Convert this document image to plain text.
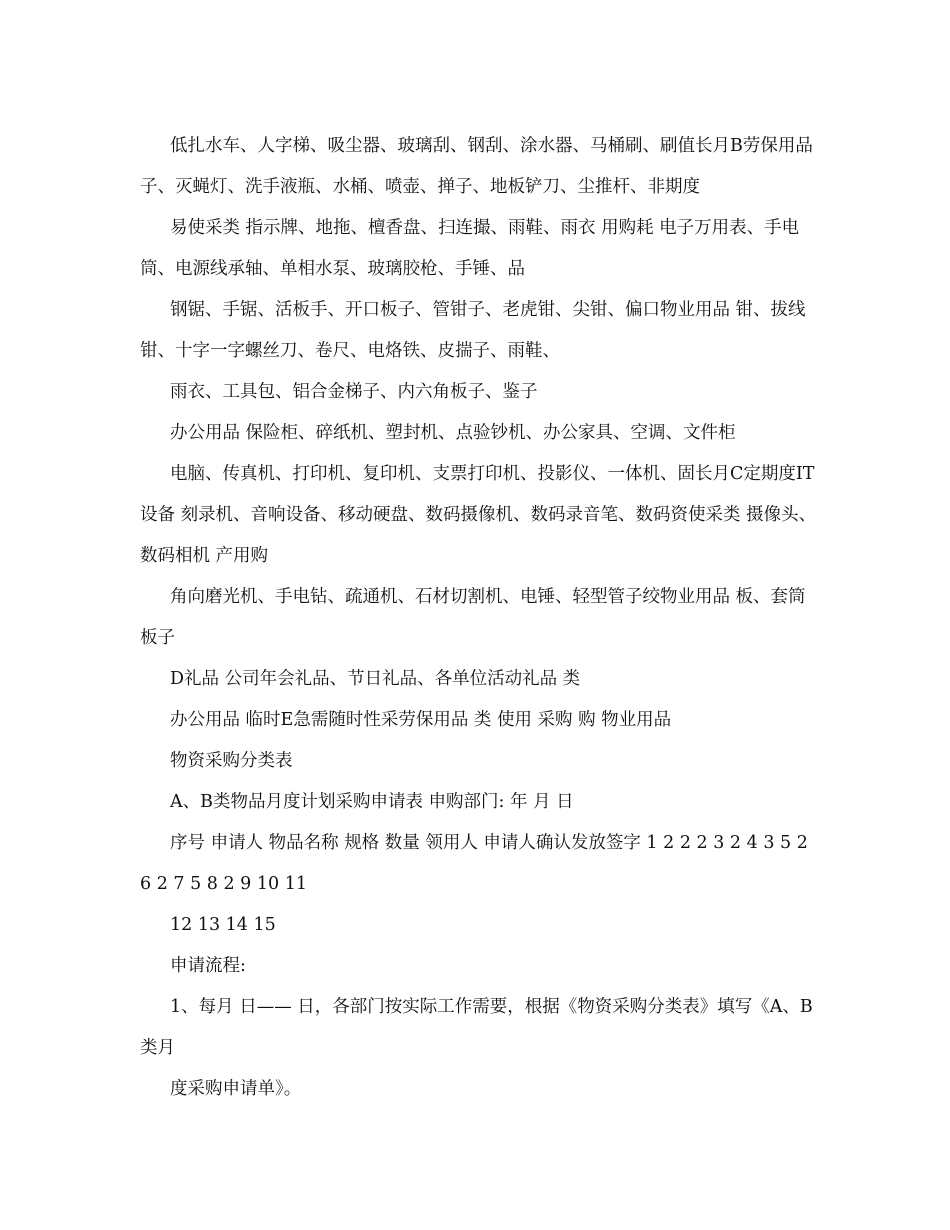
低扎水车、人字梯、吸尘器、玻璃刮、钢刮、涂水器、马桶刷、刷值长月B劳保用品 子、灭蝇灯、洗手液瓶、水桶、喷壶、掸子、地板铲刀、尘推杆、非期度

易使采类 指示牌、地拖、檀香盘、扫连撮、雨鞋、雨衣 用购耗 电子万用表、手电筒、电源线承轴、单相水泵、玻璃胶枪、手锤、品

钢锯、手锯、活板手、开口板子、管钳子、老虎钳、尖钳、偏口物业用品 钳、拔线钳、十字一字螺丝刀、卷尺、电烙铁、皮揣子、雨鞋、

雨衣、工具包、铝合金梯子、内六角板子、鉴子

办公用品 保险柜、碎纸机、塑封机、点验钞机、办公家具、空调、文件柜

电脑、传真机、打印机、复印机、支票打印机、投影仪、一体机、固长月C定期度IT设备 刻录机、音响设备、移动硬盘、数码摄像机、数码录音笔、数码资使采类 摄像头、数码相机 产用购

角向磨光机、手电钻、疏通机、石材切割机、电锤、轻型管子绞物业用品 板、套筒板子

D礼品 公司年会礼品、节日礼品、各单位活动礼品 类

办公用品 临时E急需随时性采劳保用品 类 使用 采购 购 物业用品

物资采购分类表

A、B类物品月度计划采购申请表 申购部门: 年 月 日

序号 申请人 物品名称 规格 数量 领用人 申请人确认发放签字 1 2 2 2 3 2 4 3 5 2 6 2 7 5 8 2 9 10 11

12 13 14 15

申请流程:

1、每月 日—— 日，各部门按实际工作需要，根据《物资采购分类表》填写《A、B类月

度采购申请单》。
